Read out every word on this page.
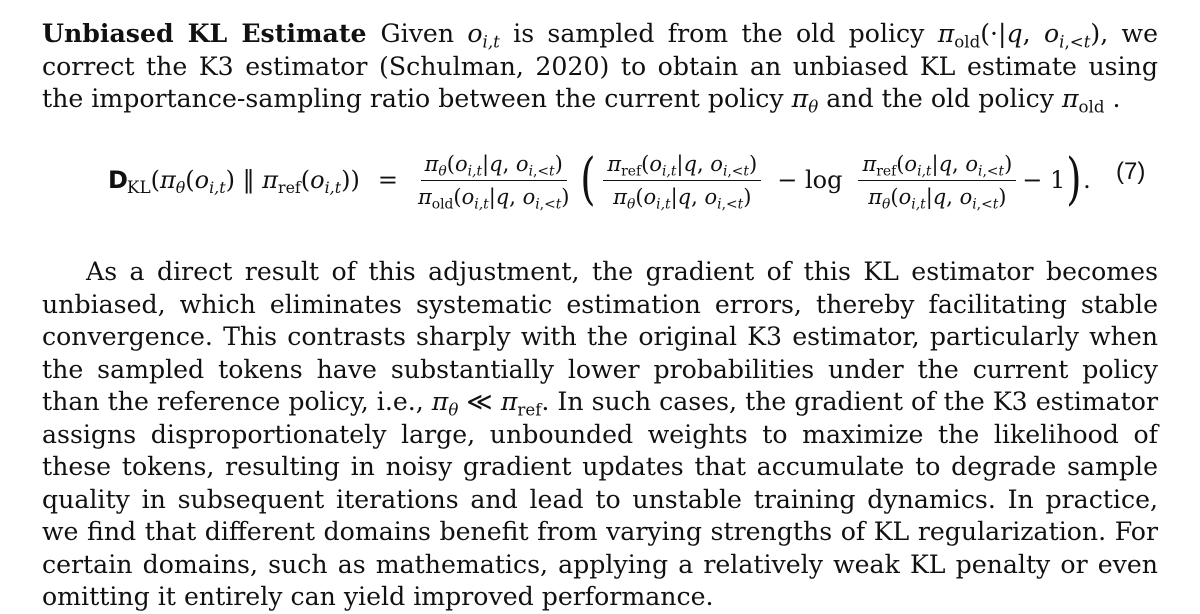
Unbiased KL Estimate Given $o_{i,t}$ is sampled from the old policy $\pi_{old}(\cdot|q$, $o_{i,<t}$), we correct the K3 estimator (Schulman, 2020) to obtain an unbiased KL estimate using the importance-sampling ratio between the current policy $\pi_\theta$ and the old policy $\pi_{old}$ .
$D_{KL}(\pi_\theta(o_{i,t})$ ‖ $\pi_{ref}(o_{i,t})) = \frac{\pi_\theta(o_{i,t}|q, o_{i,<t})}{\pi_{old}(o_{i,t}|q, o_{i,<t})}$ ( $\frac{\pi_{ref}(o_{i,t}|q, o_{i,<t})}{\pi_\theta(o_{i,t}|q, o_{i,<t})} - \log \frac{\pi_{ref}(o_{i,t}|q, o_{i,<t})}{\pi_\theta(o_{i,t}|q, o_{i,<t})} - 1$ ) . (7)
As a direct result of this adjustment, the gradient of this KL estimator becomes unbiased, which eliminates systematic estimation errors, thereby facilitating stable convergence. This contrasts sharply with the original K3 estimator, particularly when the sampled tokens have substantially lower probabilities under the current policy than the reference policy, i.e., $\pi_\theta$ ≪ $\pi_{ref}$. In such cases, the gradient of the K3 estimator assigns disproportionately large, unbounded weights to maximize the likelihood of these tokens, resulting in noisy gradient updates that accumulate to degrade sample quality in subsequent iterations and lead to unstable training dynamics. In practice, we find that different domains benefit from varying strengths of KL regularization. For certain domains, such as mathematics, applying a relatively weak KL penalty or even omitting it entirely can yield improved performance.
